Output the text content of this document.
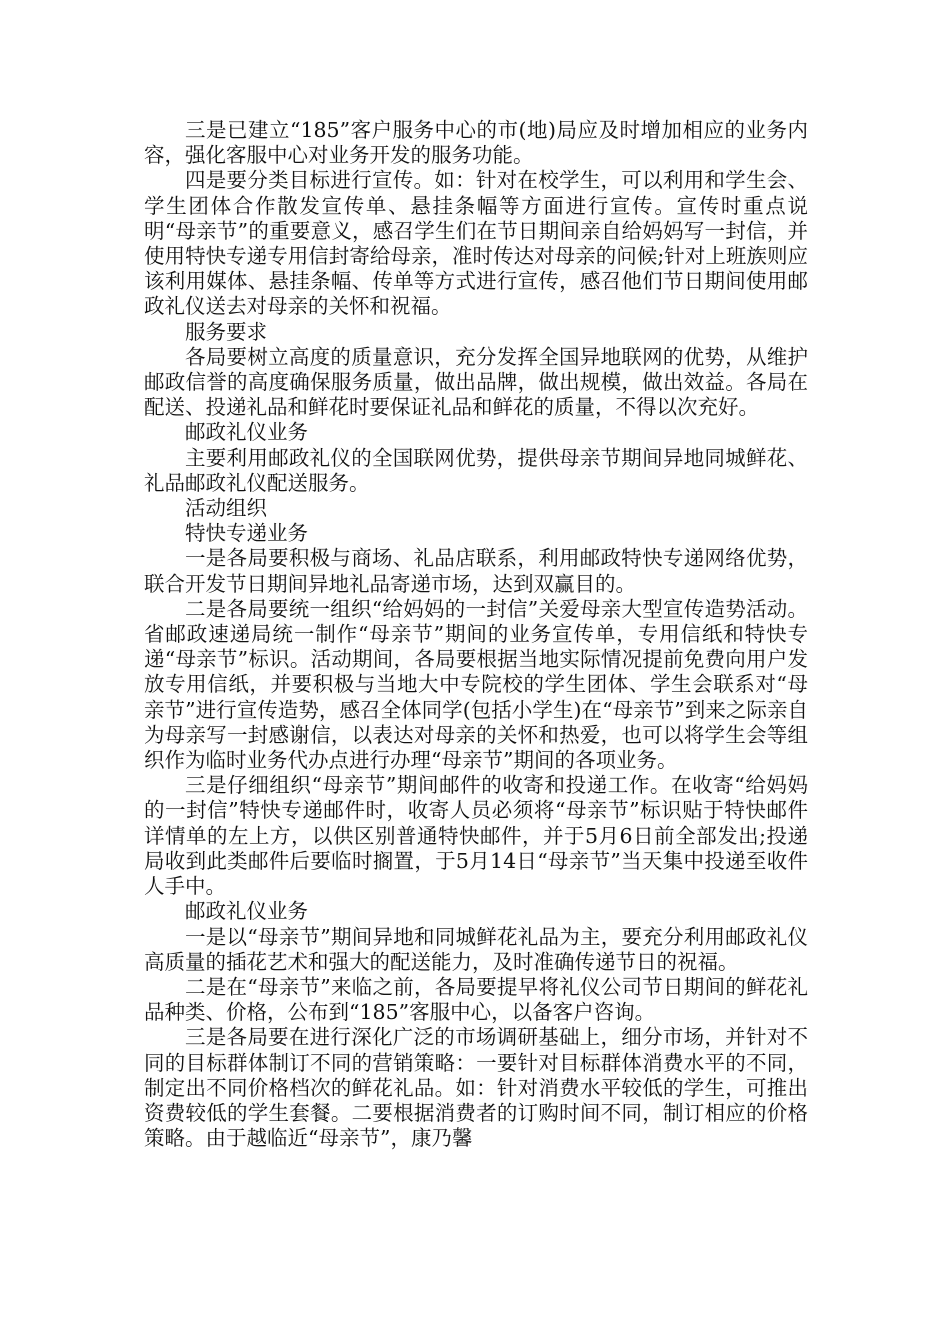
三是已建立“185”客户服务中心的市(地)局应及时增加相应的业务内容，强化客服中心对业务开发的服务功能。

四是要分类目标进行宣传。如：针对在校学生，可以利用和学生会、学生团体合作散发宣传单、悬挂条幅等方面进行宣传。宣传时重点说明“母亲节”的重要意义，感召学生们在节日期间亲自给妈妈写一封信，并使用特快专递专用信封寄给母亲，准时传达对母亲的问候;针对上班族则应该利用媒体、悬挂条幅、传单等方式进行宣传，感召他们节日期间使用邮政礼仪送去对母亲的关怀和祝福。

服务要求

各局要树立高度的质量意识，充分发挥全国异地联网的优势，从维护邮政信誉的高度确保服务质量，做出品牌，做出规模，做出效益。各局在配送、投递礼品和鲜花时要保证礼品和鲜花的质量，不得以次充好。

邮政礼仪业务

主要利用邮政礼仪的全国联网优势，提供母亲节期间异地同城鲜花、礼品邮政礼仪配送服务。

活动组织

特快专递业务

一是各局要积极与商场、礼品店联系，利用邮政特快专递网络优势，联合开发节日期间异地礼品寄递市场，达到双赢目的。

二是各局要统一组织“给妈妈的一封信”关爱母亲大型宣传造势活动。省邮政速递局统一制作“母亲节”期间的业务宣传单，专用信纸和特快专递“母亲节”标识。活动期间，各局要根据当地实际情况提前免费向用户发放专用信纸，并要积极与当地大中专院校的学生团体、学生会联系对“母亲节”进行宣传造势，感召全体同学(包括小学生)在“母亲节”到来之际亲自为母亲写一封感谢信，以表达对母亲的关怀和热爱，也可以将学生会等组织作为临时业务代办点进行办理“母亲节”期间的各项业务。

三是仔细组织“母亲节”期间邮件的收寄和投递工作。在收寄“给妈妈的一封信”特快专递邮件时，收寄人员必须将“母亲节”标识贴于特快邮件详情单的左上方，以供区别普通特快邮件，并于5月6日前全部发出;投递局收到此类邮件后要临时搁置，于5月14日“母亲节”当天集中投递至收件人手中。

邮政礼仪业务

一是以“母亲节”期间异地和同城鲜花礼品为主，要充分利用邮政礼仪高质量的插花艺术和强大的配送能力，及时准确传递节日的祝福。

二是在“母亲节”来临之前，各局要提早将礼仪公司节日期间的鲜花礼品种类、价格，公布到“185”客服中心，以备客户咨询。

三是各局要在进行深化广泛的市场调研基础上，细分市场，并针对不同的目标群体制订不同的营销策略：一要针对目标群体消费水平的不同，制定出不同价格档次的鲜花礼品。如：针对消费水平较低的学生，可推出资费较低的学生套餐。二要根据消费者的订购时间不同，制订相应的价格策略。由于越临近“母亲节”，康乃馨
